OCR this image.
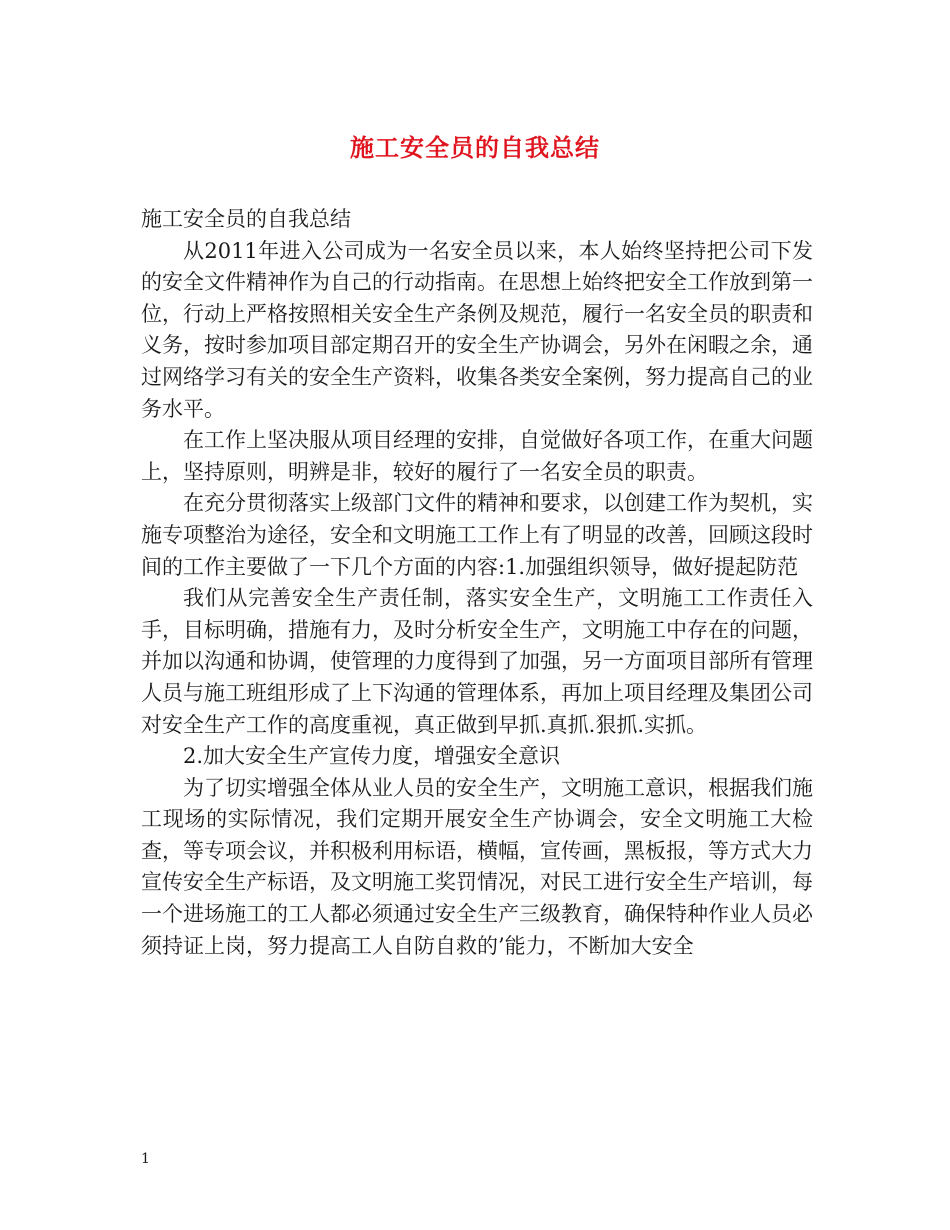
施工安全员的自我总结

施工安全员的自我总结

从2011年进入公司成为一名安全员以来，本人始终坚持把公司下发的安全文件精神作为自己的行动指南。在思想上始终把安全工作放到第一位，行动上严格按照相关安全生产条例及规范，履行一名安全员的职责和义务，按时参加项目部定期召开的安全生产协调会，另外在闲暇之余，通过网络学习有关的安全生产资料，收集各类安全案例，努力提高自己的业务水平。

在工作上坚决服从项目经理的安排，自觉做好各项工作，在重大问题上，坚持原则，明辨是非，较好的履行了一名安全员的职责。

在充分贯彻落实上级部门文件的精神和要求，以创建工作为契机，实施专项整治为途径，安全和文明施工工作上有了明显的改善，回顾这段时间的工作主要做了一下几个方面的内容:1.加强组织领导，做好提起防范

我们从完善安全生产责任制，落实安全生产，文明施工工作责任入手，目标明确，措施有力，及时分析安全生产，文明施工中存在的问题，并加以沟通和协调，使管理的力度得到了加强，另一方面项目部所有管理人员与施工班组形成了上下沟通的管理体系，再加上项目经理及集团公司对安全生产工作的高度重视，真正做到早抓.真抓.狠抓.实抓。

2.加大安全生产宣传力度，增强安全意识

为了切实增强全体从业人员的安全生产，文明施工意识，根据我们施工现场的实际情况，我们定期开展安全生产协调会，安全文明施工大检查，等专项会议，并积极利用标语，横幅，宣传画，黑板报，等方式大力宣传安全生产标语，及文明施工奖罚情况，对民工进行安全生产培训，每一个进场施工的工人都必须通过安全生产三级教育，确保特种作业人员必须持证上岗，努力提高工人自防自救的’能力，不断加大安全

1
